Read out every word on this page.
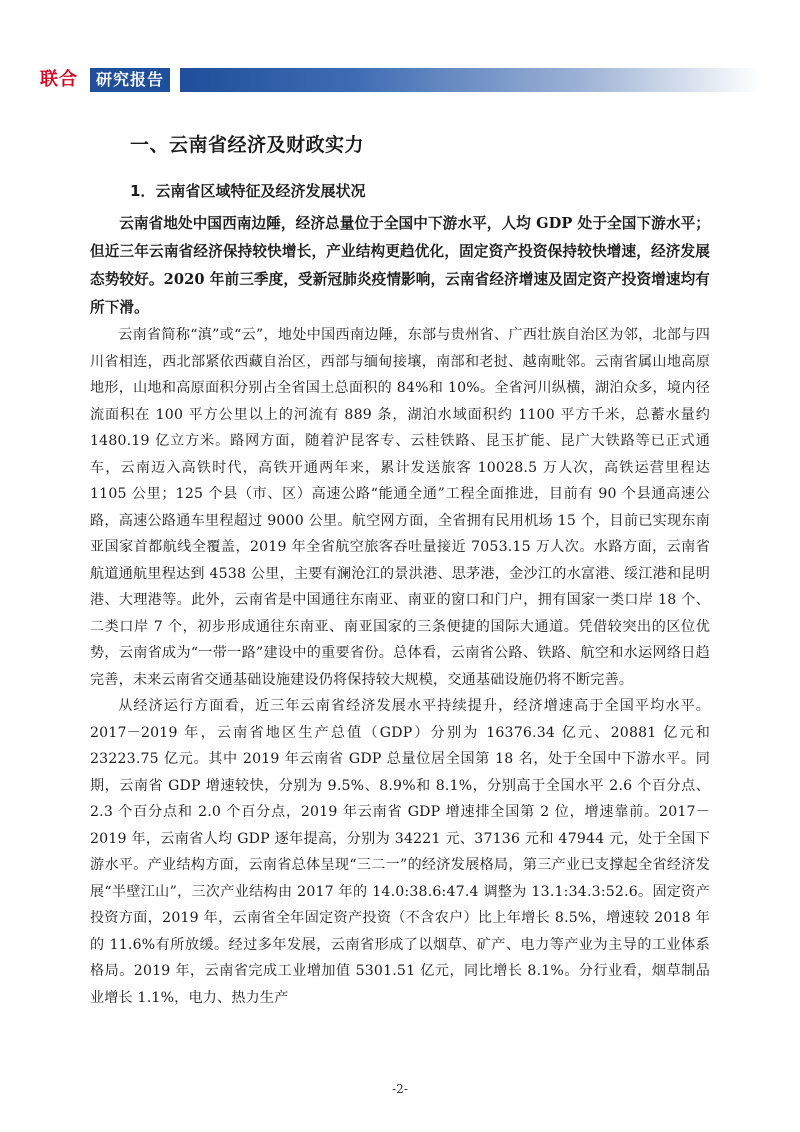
联合	研究报告
一、云南省经济及财政实力
1．云南省区域特征及经济发展状况

云南省地处中国西南边陲，经济总量位于全国中下游水平，人均 GDP 处于全国下游水平；但近三年云南省经济保持较快增长，产业结构更趋优化，固定资产投资保持较快增速，经济发展态势较好。2020 年前三季度，受新冠肺炎疫情影响，云南省经济增速及固定资产投资增速均有所下滑。

云南省简称“滇”或“云”，地处中国西南边陲，东部与贵州省、广西壮族自治区为邻，北部与四川省相连，西北部紧依西藏自治区，西部与缅甸接壤，南部和老挝、越南毗邻。云南省属山地高原地形，山地和高原面积分别占全省国土总面积的 84%和 10%。全省河川纵横，湖泊众多，境内径流面积在 100 平方公里以上的河流有 889 条，湖泊水域面积约 1100 平方千米，总蓄水量约 1480.19 亿立方米。路网方面，随着沪昆客专、云桂铁路、昆玉扩能、昆广大铁路等已正式通车，云南迈入高铁时代，高铁开通两年来，累计发送旅客 10028.5 万人次，高铁运营里程达 1105 公里；125 个县（市、区）高速公路“能通全通”工程全面推进，目前有 90 个县通高速公路，高速公路通车里程超过 9000 公里。航空网方面，全省拥有民用机场 15 个，目前已实现东南亚国家首都航线全覆盖，2019 年全省航空旅客吞吐量接近 7053.15 万人次。水路方面，云南省航道通航里程达到 4538 公里，主要有澜沧江的景洪港、思茅港，金沙江的水富港、绥江港和昆明港、大理港等。此外，云南省是中国通往东南亚、南亚的窗口和门户，拥有国家一类口岸 18 个、二类口岸 7 个，初步形成通往东南亚、南亚国家的三条便捷的国际大通道。凭借较突出的区位优势，云南省成为“一带一路”建设中的重要省份。总体看，云南省公路、铁路、航空和水运网络日趋完善，未来云南省交通基础设施建设仍将保持较大规模，交通基础设施仍将不断完善。

从经济运行方面看，近三年云南省经济发展水平持续提升，经济增速高于全国平均水平。2017－2019 年，云南省地区生产总值（GDP）分别为 16376.34 亿元、20881 亿元和 23223.75 亿元。其中 2019 年云南省 GDP 总量位居全国第 18 名，处于全国中下游水平。同期，云南省 GDP 增速较快，分别为 9.5%、8.9%和 8.1%，分别高于全国水平 2.6 个百分点、2.3 个百分点和 2.0 个百分点，2019 年云南省 GDP 增速排全国第 2 位，增速靠前。2017－2019 年，云南省人均 GDP 逐年提高，分别为 34221 元、37136 元和 47944 元，处于全国下游水平。产业结构方面，云南省总体呈现“三二一”的经济发展格局，第三产业已支撑起全省经济发展“半壁江山”，三次产业结构由 2017 年的 14.0:38.6:47.4 调整为 13.1:34.3:52.6。固定资产投资方面，2019 年，云南省全年固定资产投资（不含农户）比上年增长 8.5%，增速较 2018 年的 11.6%有所放缓。经过多年发展，云南省形成了以烟草、矿产、电力等产业为主导的工业体系格局。2019 年，云南省完成工业增加值 5301.51 亿元，同比增长 8.1%。分行业看，烟草制品业增长 1.1%，电力、热力生产

-2-
